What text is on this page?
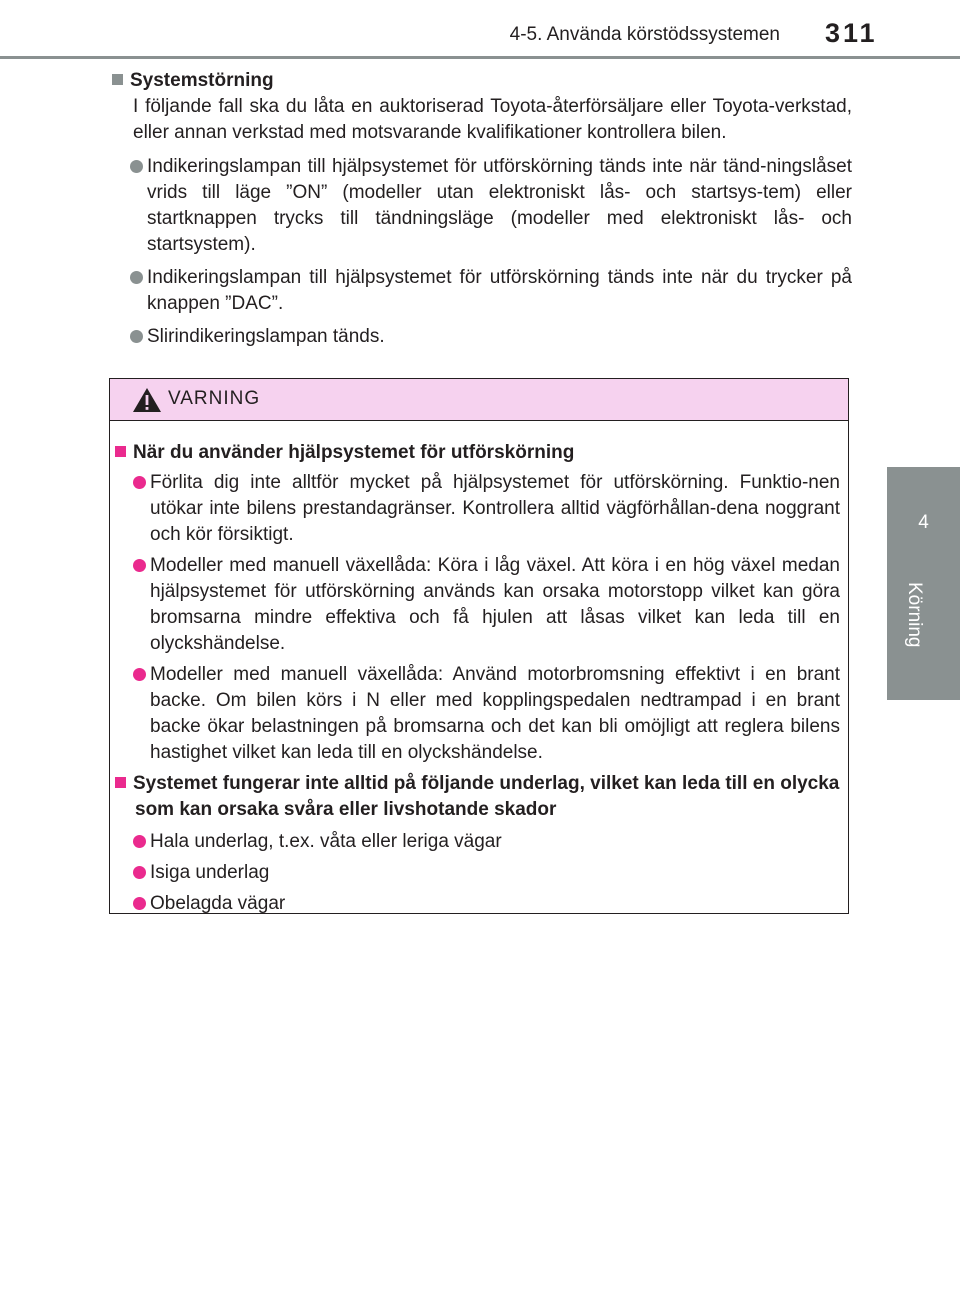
4-5. Använda körstödssystemen 311
4
Körning
Systemstörning

I följande fall ska du låta en auktoriserad Toyota-återförsäljare eller Toyota-verkstad, eller annan verkstad med motsvarande kvalifikationer kontrollera bilen.

Indikeringslampan till hjälpsystemet för utförskörning tänds inte när tänd-ningslåset vrids till läge ”ON” (modeller utan elektroniskt lås- och startsys-tem) eller startknappen trycks till tändningsläge (modeller med elektroniskt lås- och startsystem).
Indikeringslampan till hjälpsystemet för utförskörning tänds inte när du trycker på knappen ”DAC”.
Slirindikeringslampan tänds.
VARNING
När du använder hjälpsystemet för utförskörning
Förlita dig inte alltför mycket på hjälpsystemet för utförskörning. Funktio-nen utökar inte bilens prestandagränser. Kontrollera alltid vägförhållan-dena noggrant och kör försiktigt.
Modeller med manuell växellåda: Köra i låg växel. Att köra i en hög växel medan hjälpsystemet för utförskörning används kan orsaka motorstopp vilket kan göra bromsarna mindre effektiva och få hjulen att låsas vilket kan leda till en olyckshändelse.
Modeller med manuell växellåda: Använd motorbromsning effektivt i en brant backe. Om bilen körs i N eller med kopplingspedalen nedtrampad i en brant backe ökar belastningen på bromsarna och det kan bli omöjligt att reglera bilens hastighet vilket kan leda till en olyckshändelse.
Systemet fungerar inte alltid på följande underlag, vilket kan leda till en olycka som kan orsaka svåra eller livshotande skador
Hala underlag, t.ex. våta eller leriga vägar
Isiga underlag
Obelagda vägar
